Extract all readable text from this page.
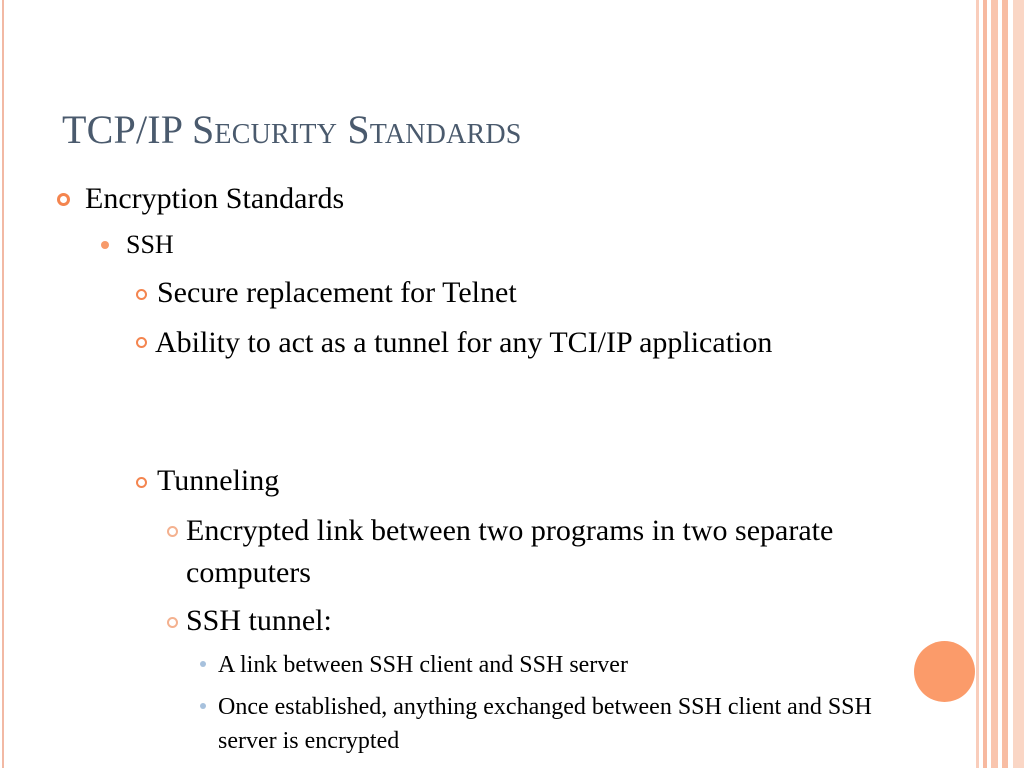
TCP/IP Security Standards
Encryption Standards
SSH
Secure replacement for Telnet
Ability to act as a tunnel for any TCI/IP application
Tunneling
Encrypted link between two programs in two separate computers
SSH tunnel:
A link between SSH client and SSH server
Once established, anything exchanged between SSH client and SSH server is encrypted
